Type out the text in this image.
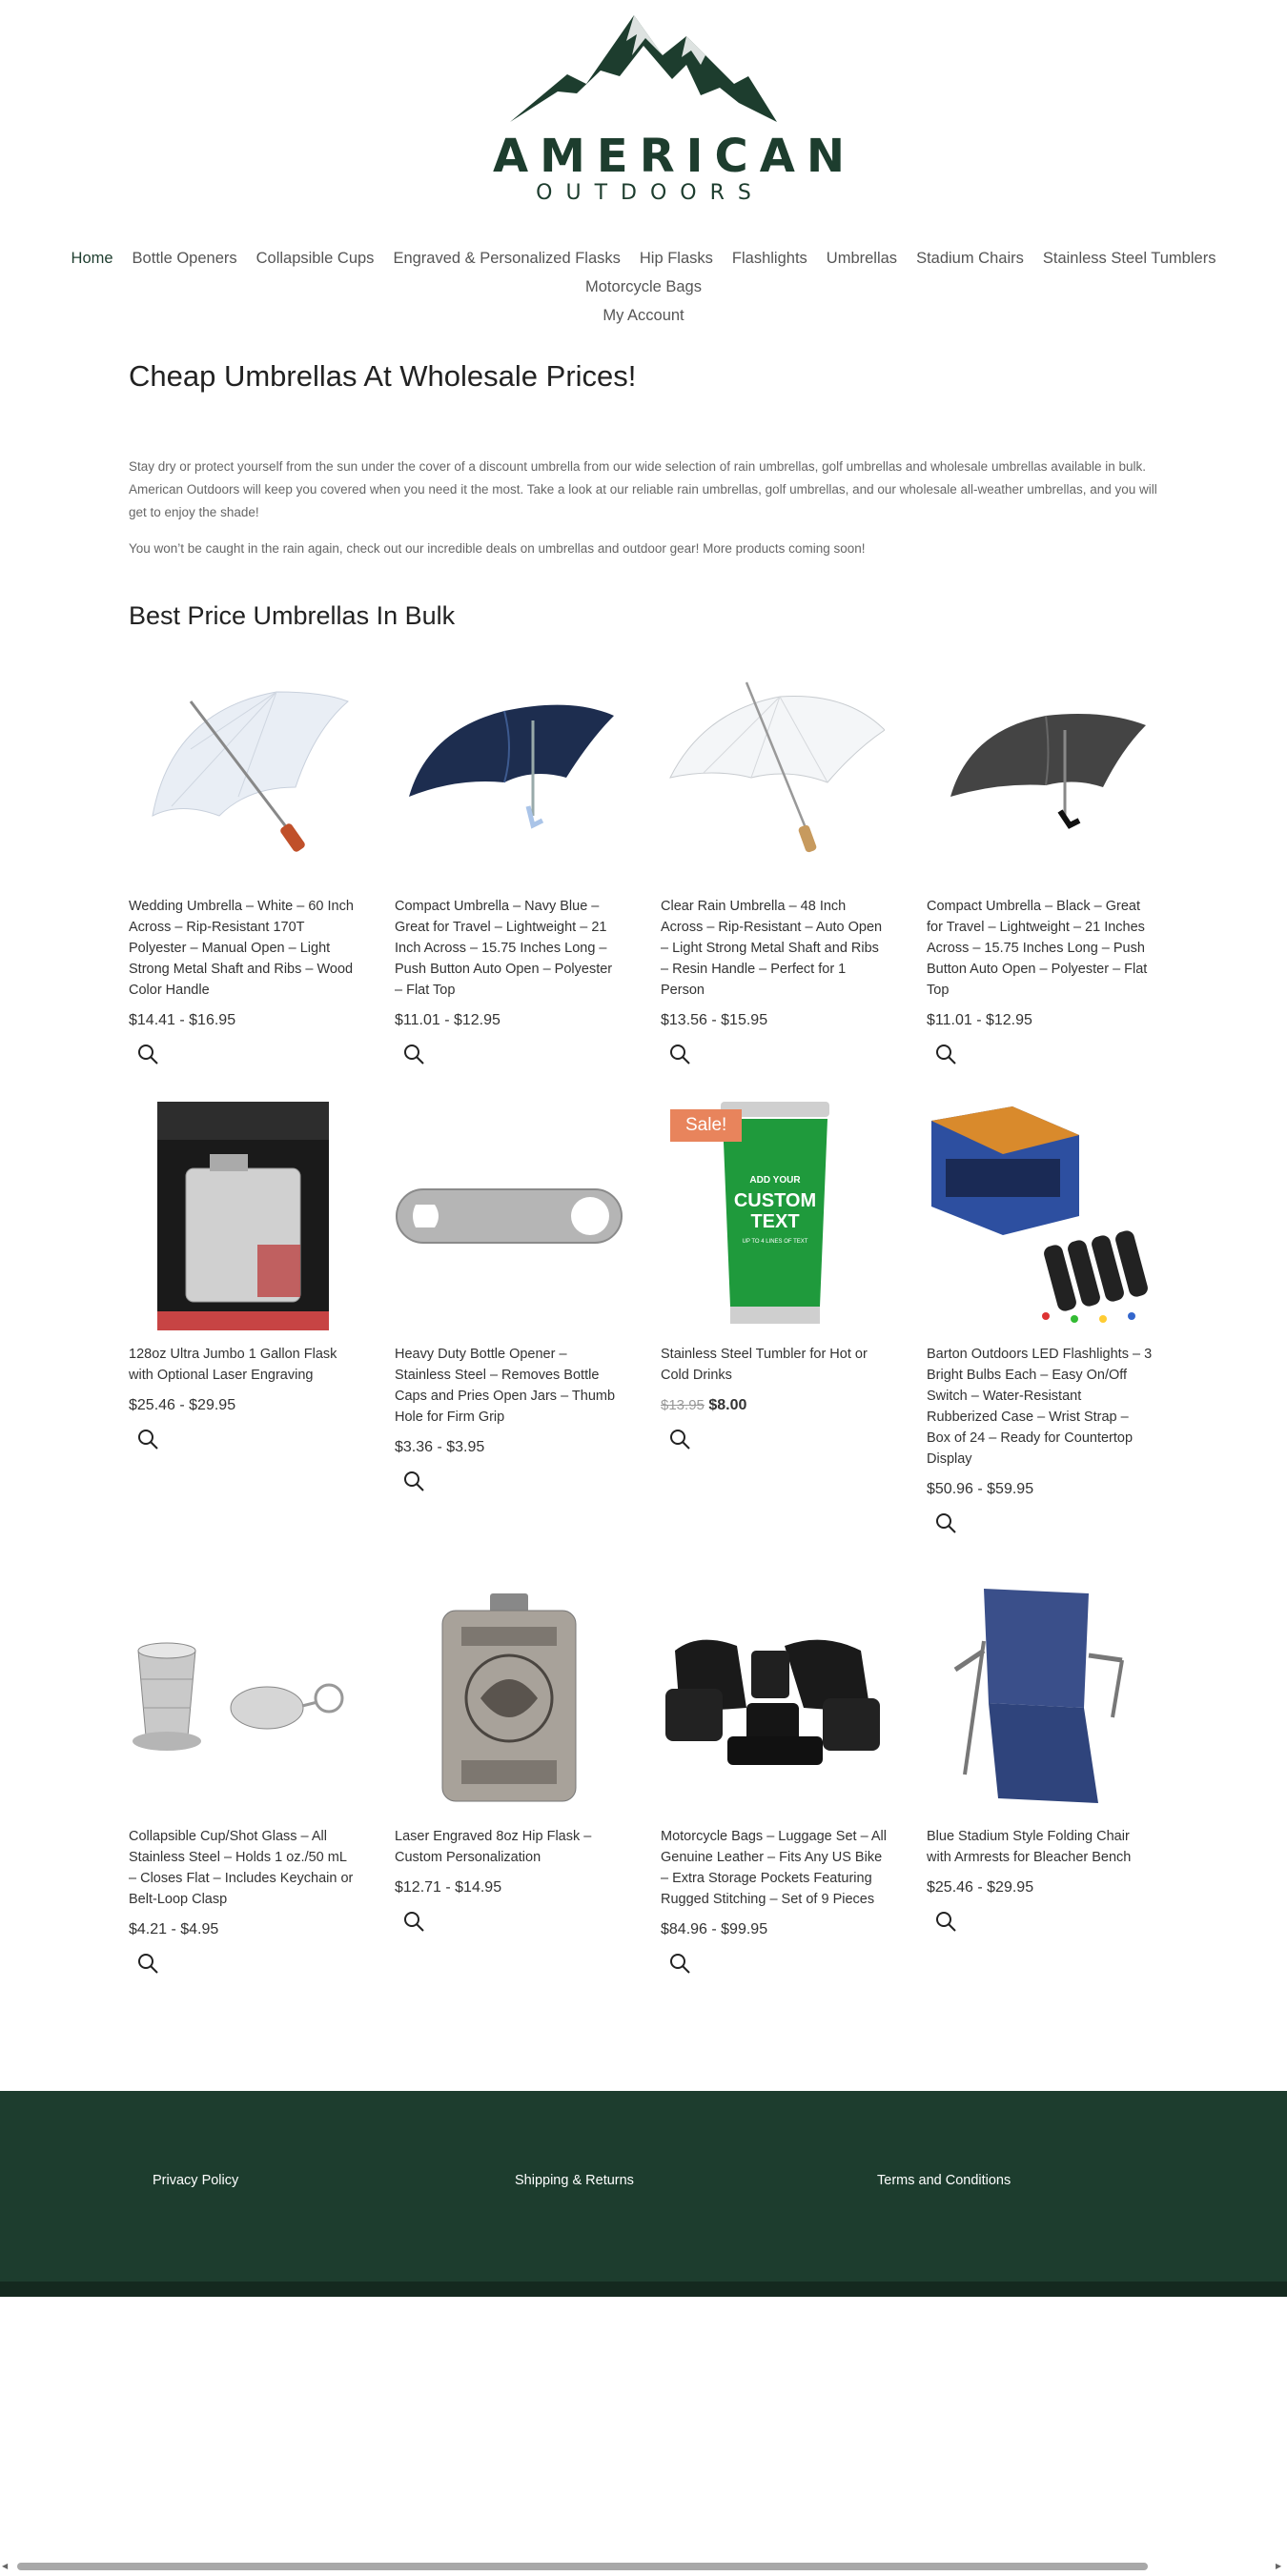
AMERICAN
OUTDOORS
Home Bottle Openers Collapsible Cups Engraved & Personalized Flasks Hip Flasks Flashlights Umbrellas Stadium Chairs Stainless Steel TumblersMotorcycle Bags
My Account
Cheap Umbrellas At Wholesale Prices!

Stay dry or protect yourself from the sun under the cover of a discount umbrella from our wide selection of rain umbrellas, golf umbrellas and wholesale umbrellas available in bulk. American Outdoors will keep you covered when you need it the most. Take a look at our reliable rain umbrellas, golf umbrellas, and our wholesale all-weather umbrellas, and you will get to enjoy the shade!

You won’t be caught in the rain again, check out our incredible deals on umbrellas and outdoor gear! More products coming soon!

Best Price Umbrellas In Bulk
Wedding Umbrella – White – 60 Inch Across – Rip-Resistant 170T Polyester – Manual Open – Light Strong Metal Shaft and Ribs – Wood Color Handle
$14.41 - $16.95
Compact Umbrella – Navy Blue – Great for Travel – Lightweight – 21 Inch Across – 15.75 Inches Long – Push Button Auto Open – Polyester – Flat Top
$11.01 - $12.95
Clear Rain Umbrella – 48 Inch Across – Rip-Resistant – Auto Open – Light Strong Metal Shaft and Ribs – Resin Handle – Perfect for 1 Person
$13.56 - $15.95
Compact Umbrella – Black – Great for Travel – Lightweight – 21 Inches Across – 15.75 Inches Long – Push Button Auto Open – Polyester – Flat Top
$11.01 - $12.95
128oz Ultra Jumbo 1 Gallon Flask with Optional Laser Engraving
$25.46 - $29.95
Heavy Duty Bottle Opener – Stainless Steel – Removes Bottle Caps and Pries Open Jars – Thumb Hole for Firm Grip
$3.36 - $3.95
ADD YOUR
CUSTOM
TEXT
UP TO 4 LINES OF TEXT
Sale!
Stainless Steel Tumbler for Hot or Cold Drinks
$13.95 $8.00
Barton Outdoors LED Flashlights – 3 Bright Bulbs Each – Easy On/Off Switch – Water-Resistant Rubberized Case – Wrist Strap – Box of 24 – Ready for Countertop Display
$50.96 - $59.95
Collapsible Cup/Shot Glass – All Stainless Steel – Holds 1 oz./50 mL – Closes Flat – Includes Keychain or Belt-Loop Clasp
$4.21 - $4.95
Laser Engraved 8oz Hip Flask – Custom Personalization
$12.71 - $14.95
Motorcycle Bags – Luggage Set – All Genuine Leather – Fits Any US Bike – Extra Storage Pockets Featuring Rugged Stitching – Set of 9 Pieces
$84.96 - $99.95
Blue Stadium Style Folding Chair with Armrests for Bleacher Bench
$25.46 - $29.95
Privacy Policy	Shipping & Returns	Terms and Conditions
◀	▶
